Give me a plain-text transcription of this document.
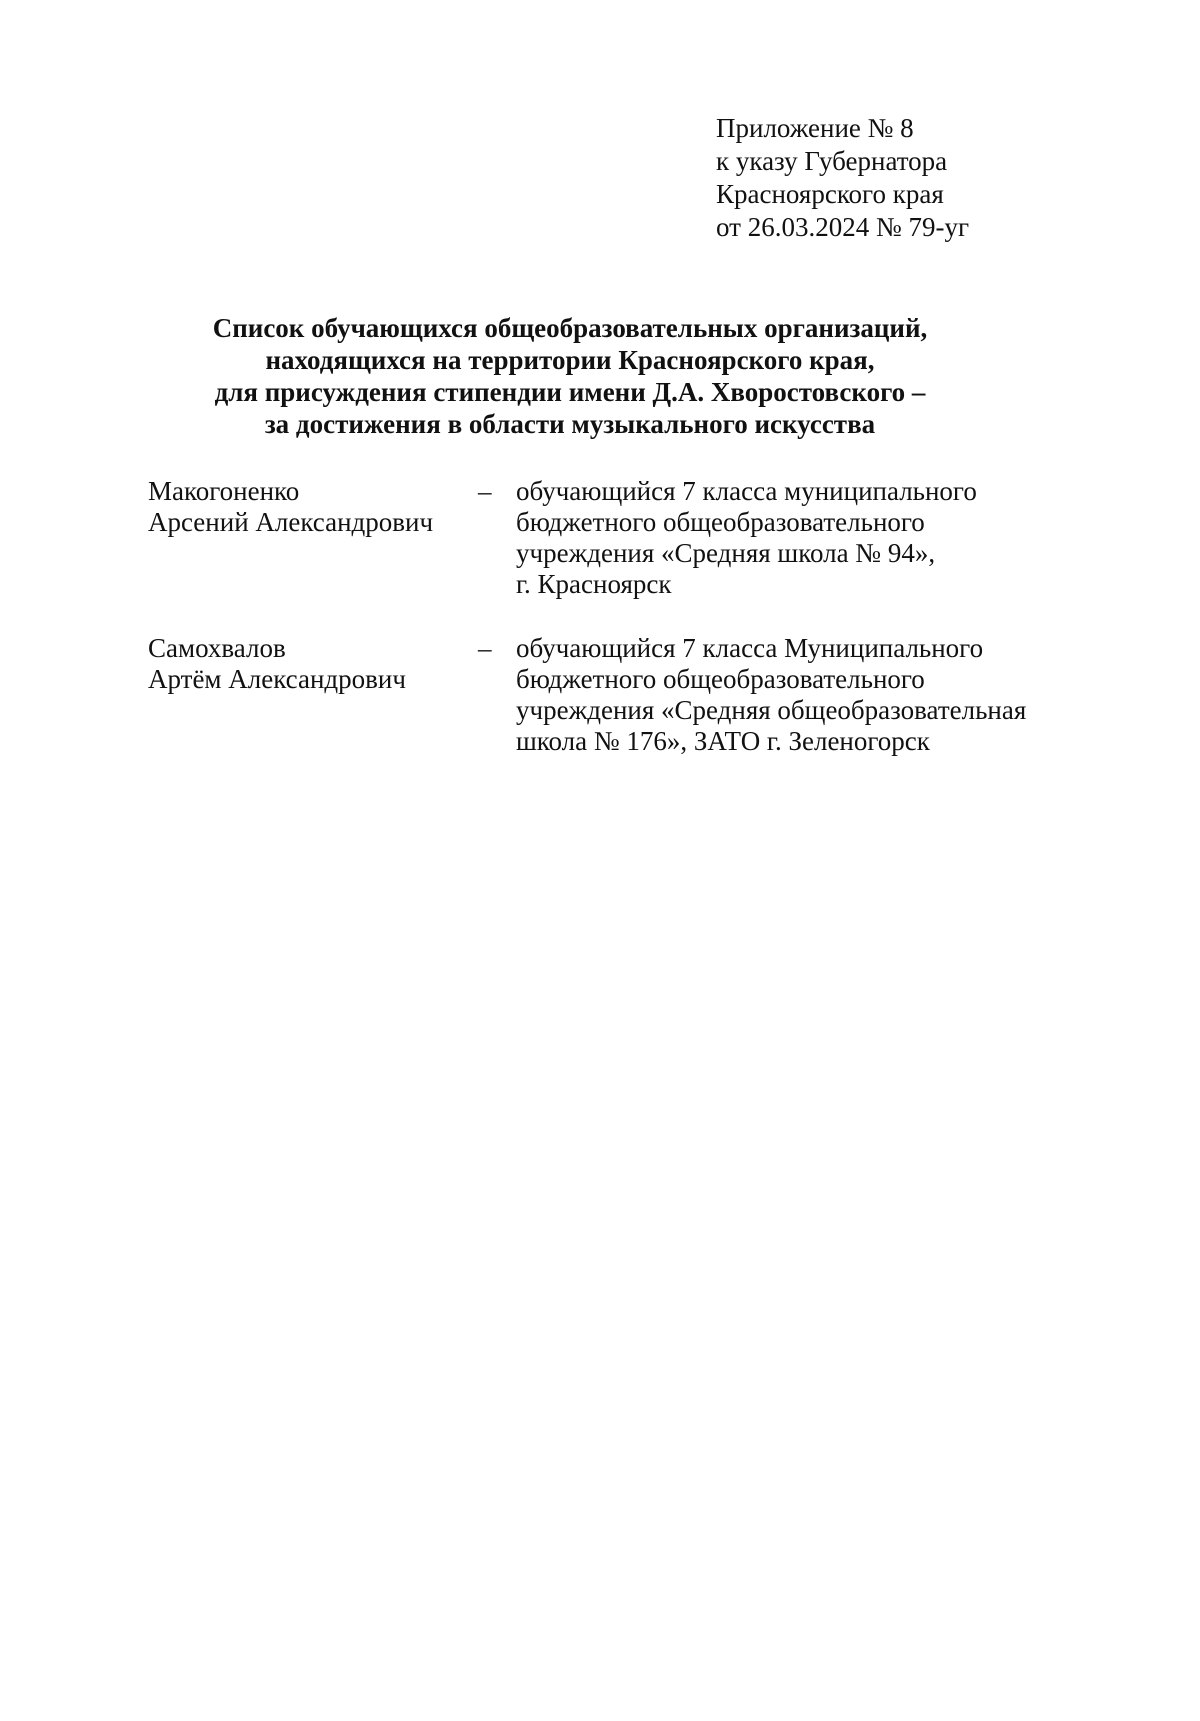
Приложение № 8
к указу Губернатора
Красноярского края
от 26.03.2024 № 79-уг
Список обучающихся общеобразовательных организаций,
находящихся на территории Красноярского края,
для присуждения стипендии имени Д.А. Хворостовского –
за достижения в области музыкального искусства
Макогоненко
Арсений Александрович
– обучающийся 7 класса муниципального
бюджетного общеобразовательного
учреждения «Средняя школа № 94»,
г. Красноярск
Самохвалов
Артём Александрович
– обучающийся 7 класса Муниципального
бюджетного общеобразовательного
учреждения «Средняя общеобразовательная
школа № 176», ЗАТО г. Зеленогорск
